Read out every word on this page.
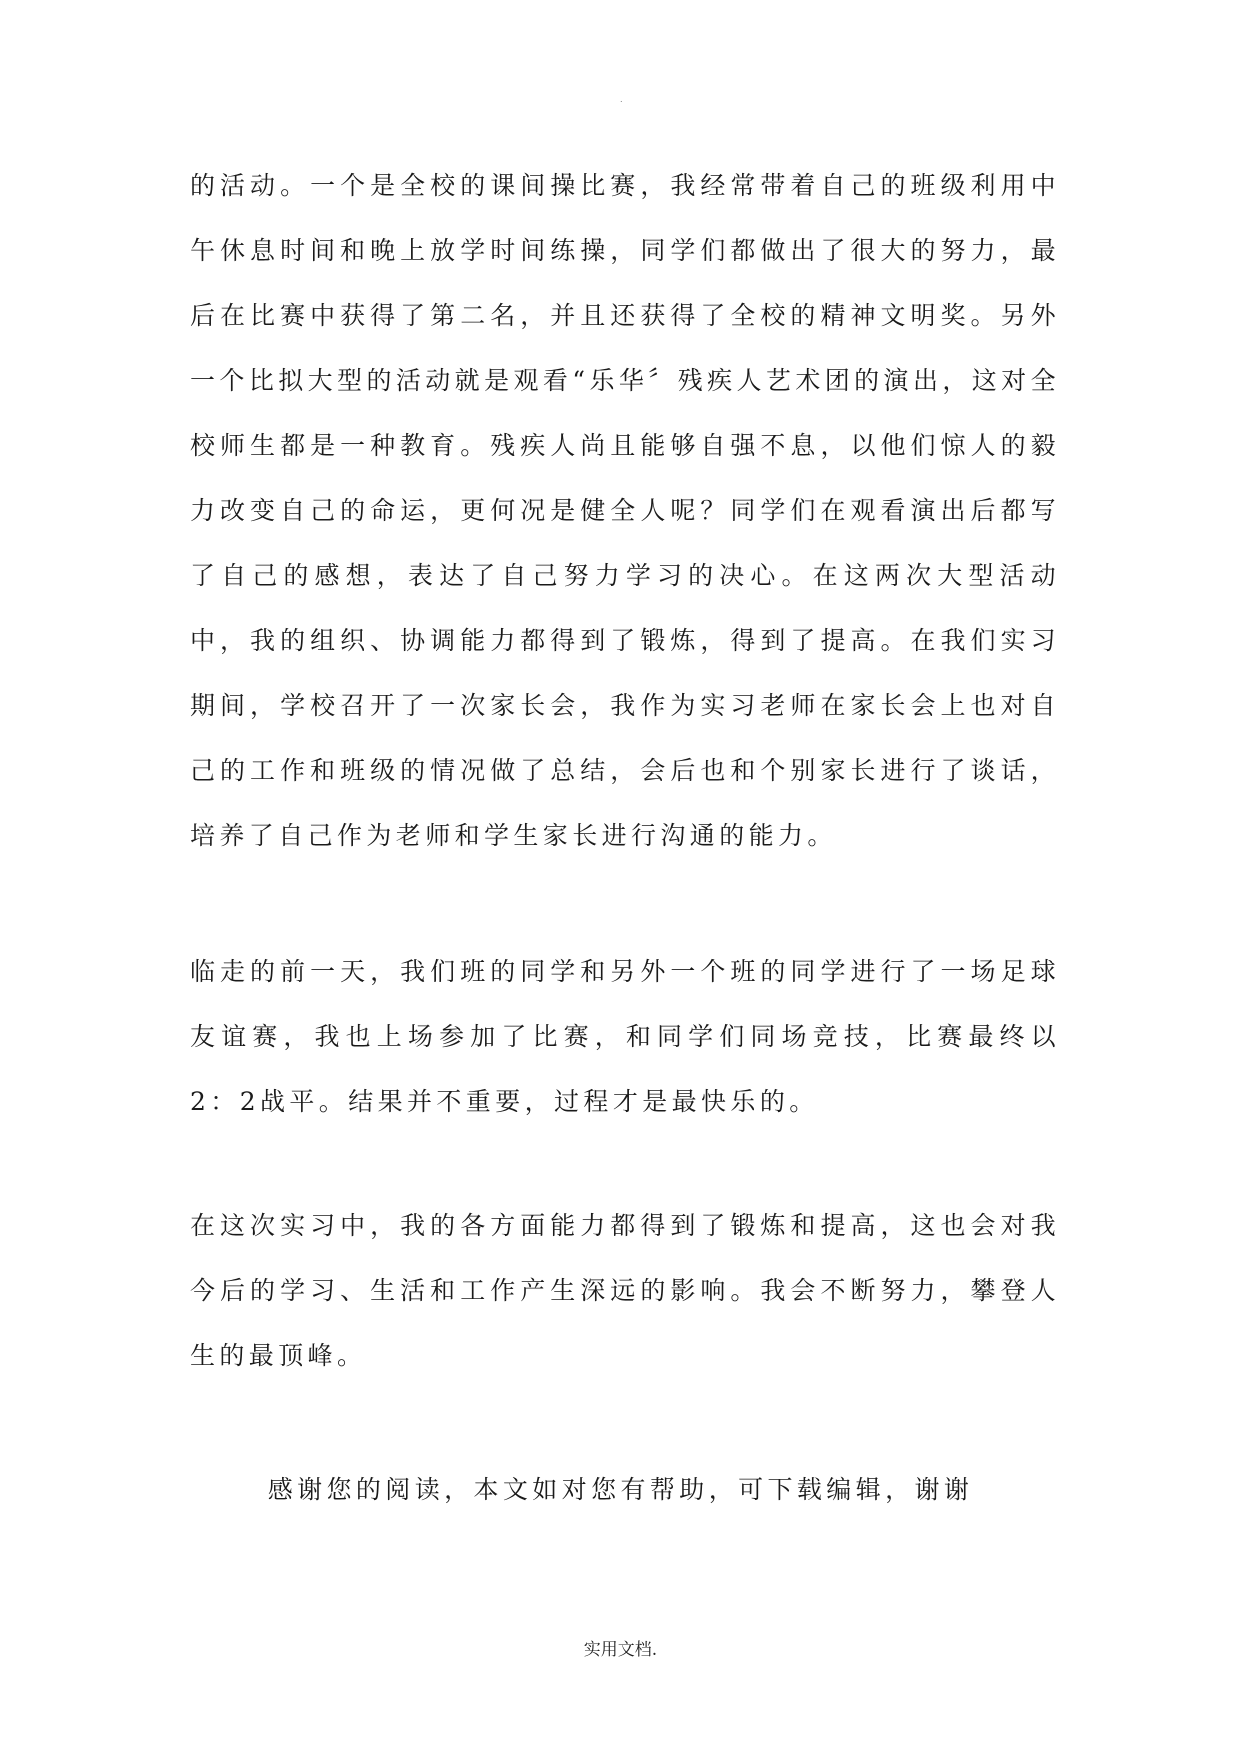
.

的活动。一个是全校的课间操比赛，我经常带着自己的班级利用中午休息时间和晚上放学时间练操，同学们都做出了很大的努力，最后在比赛中获得了第二名，并且还获得了全校的精神文明奖。另外一个比拟大型的活动就是观看“乐华〞残疾人艺术团的演出，这对全校师生都是一种教育。残疾人尚且能够自强不息，以他们惊人的毅力改变自己的命运，更何况是健全人呢？同学们在观看演出后都写了自己的感想，表达了自己努力学习的决心。在这两次大型活动中，我的组织、协调能力都得到了锻炼，得到了提高。在我们实习期间，学校召开了一次家长会，我作为实习老师在家长会上也对自己的工作和班级的情况做了总结，会后也和个别家长进行了谈话，培养了自己作为老师和学生家长进行沟通的能力。

临走的前一天，我们班的同学和另外一个班的同学进行了一场足球友谊赛，我也上场参加了比赛，和同学们同场竞技，比赛最终以2：2战平。结果并不重要，过程才是最快乐的。

在这次实习中，我的各方面能力都得到了锻炼和提高，这也会对我今后的学习、生活和工作产生深远的影响。我会不断努力，攀登人生的最顶峰。

感谢您的阅读，本文如对您有帮助，可下载编辑，谢谢

实用文档.
